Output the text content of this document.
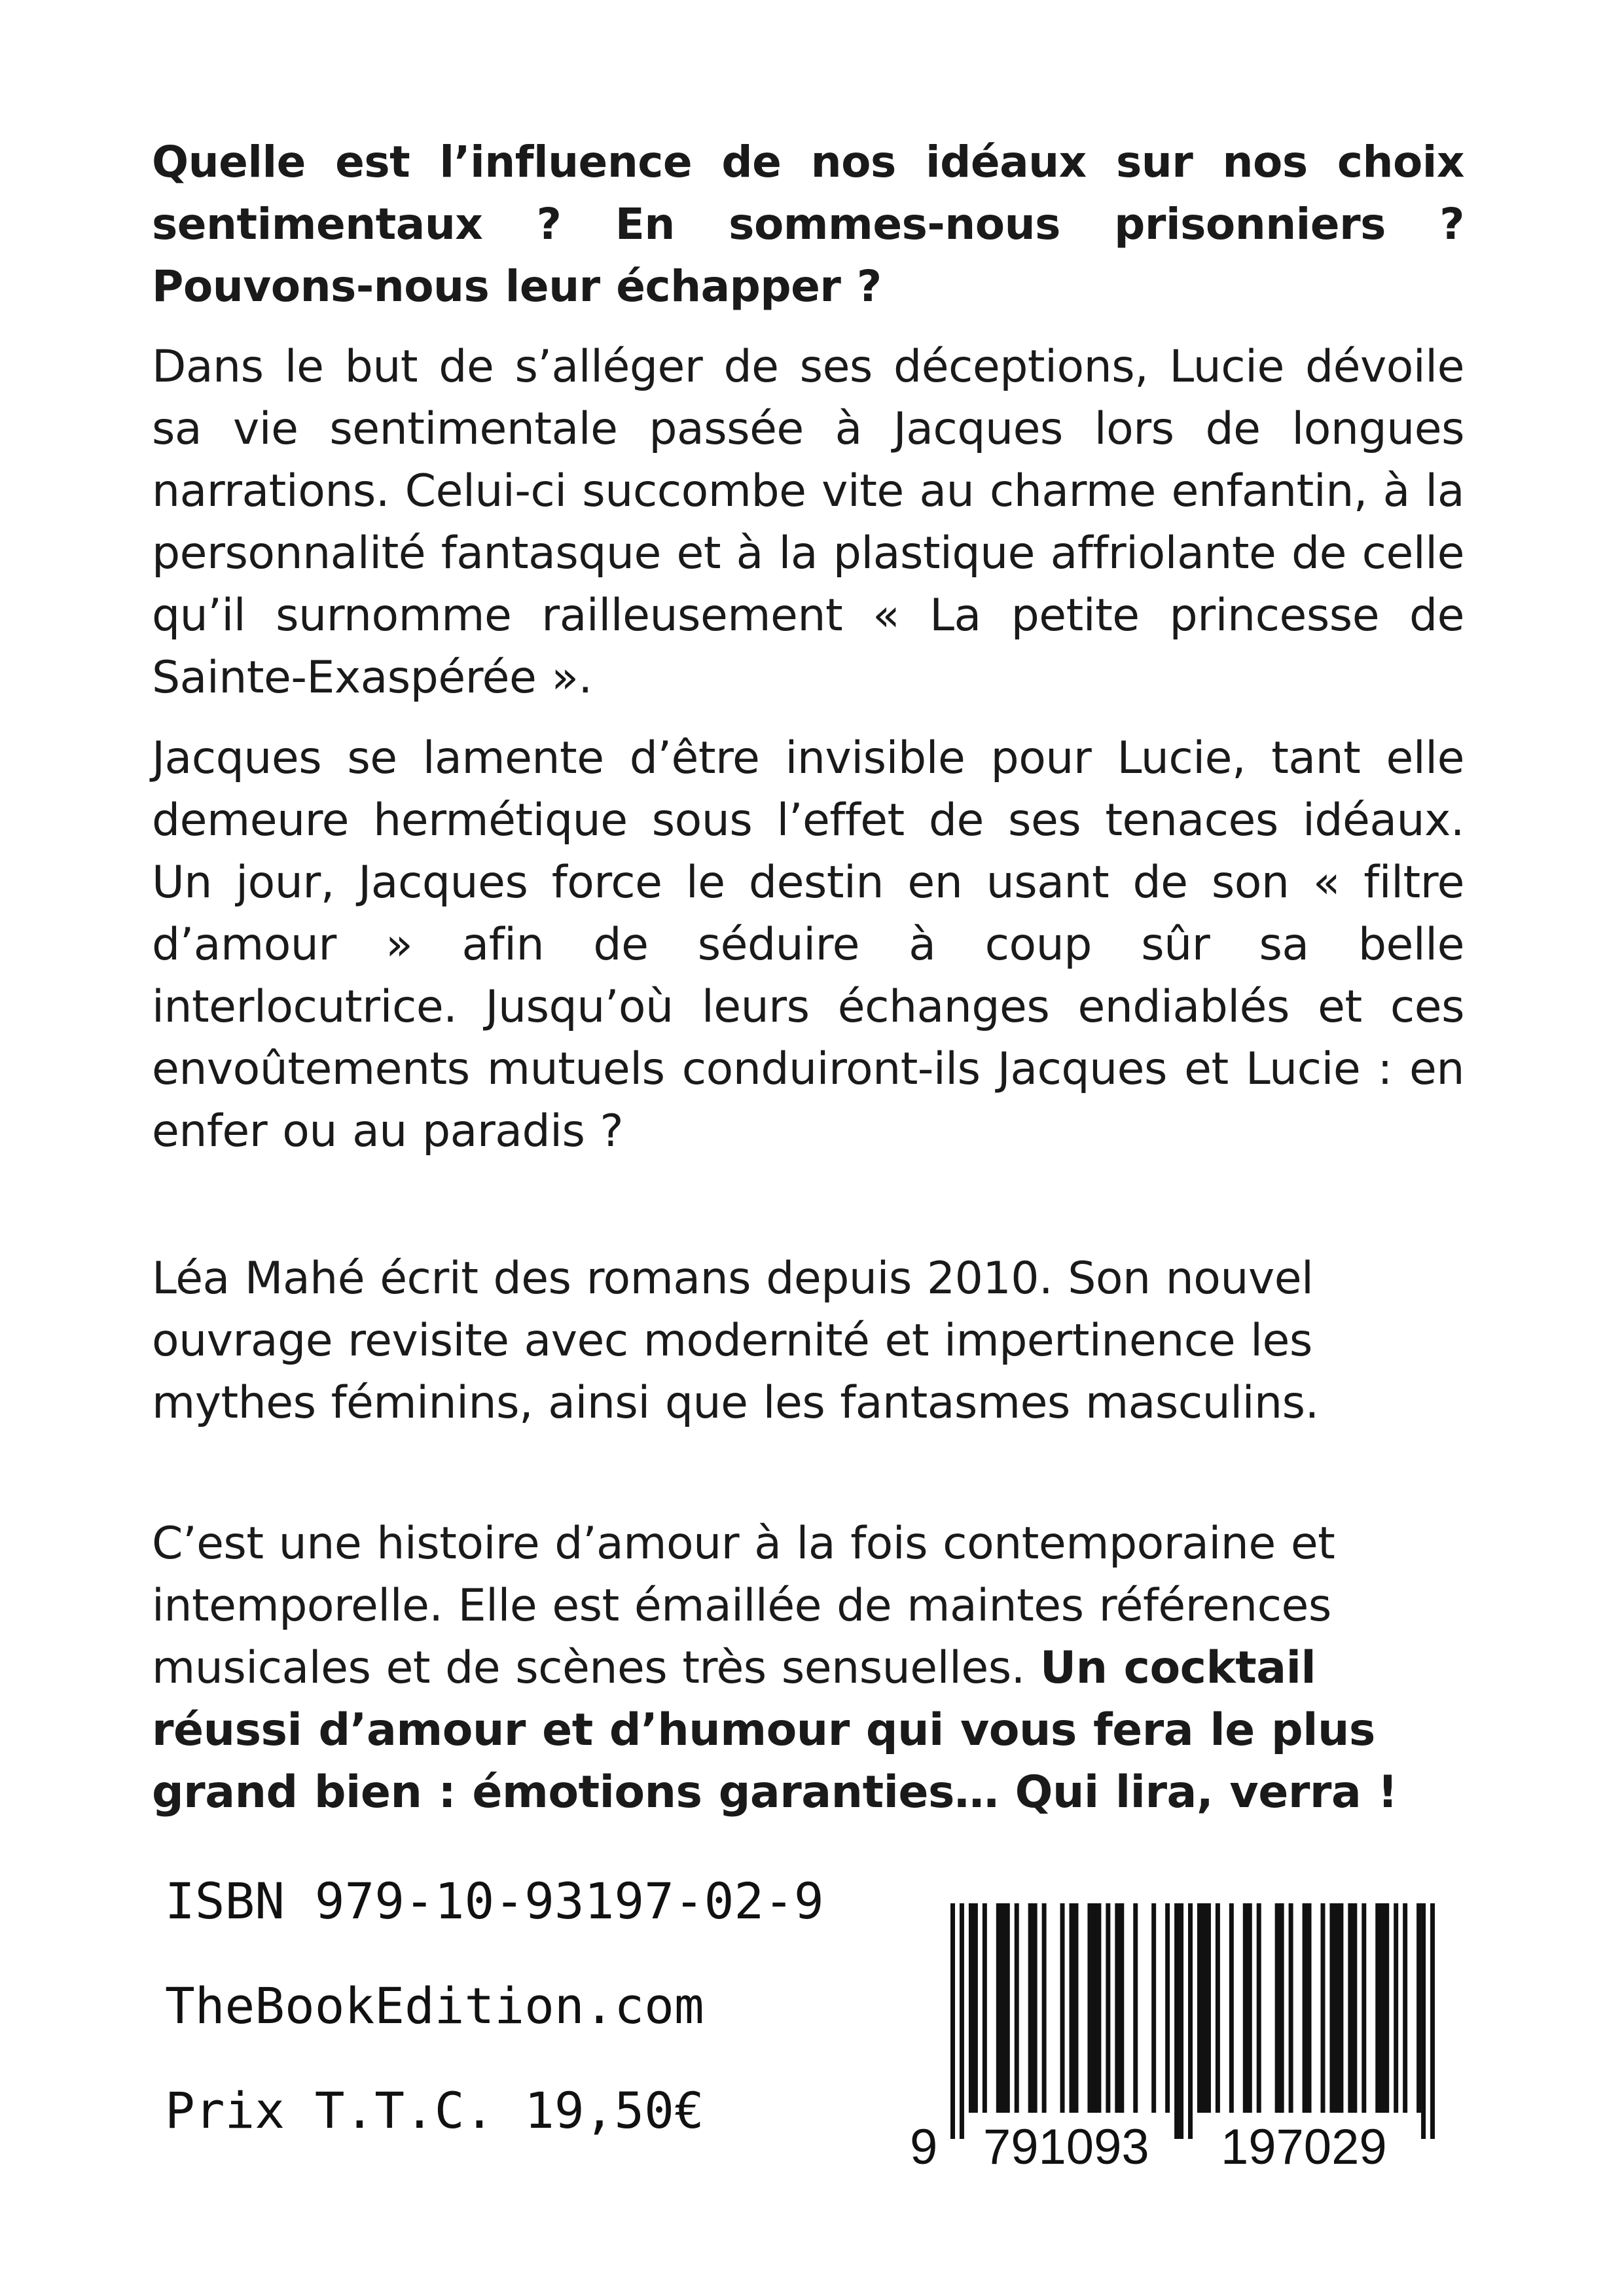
Quelle est l’influence de nos idéaux sur nos choix sentimentaux ? En sommes-nous prisonniers ? Pouvons-nous leur échapper ?

Dans le but de s’alléger de ses déceptions, Lucie dévoile sa vie sentimentale passée à Jacques lors de longues narrations. Celui-ci succombe vite au charme enfantin, à la personnalité fantasque et à la plastique affriolante de celle qu’il surnomme railleusement « La petite princesse de Sainte-Exaspérée ».

Jacques se lamente d’être invisible pour Lucie, tant elle demeure hermétique sous l’effet de ses tenaces idéaux. Un jour, Jacques force le destin en usant de son « filtre d’amour » afin de séduire à coup sûr sa belle interlocutrice. Jusqu’où leurs échanges endiablés et ces envoûtements mutuels conduiront-ils Jacques et Lucie : en enfer ou au paradis ?

Léa Mahé écrit des romans depuis 2010. Son nouvel ouvrage revisite avec modernité et impertinence les mythes féminins, ainsi que les fantasmes masculins.

C’est une histoire d’amour à la fois contemporaine et intemporelle. Elle est émaillée de maintes références musicales et de scènes très sensuelles. Un cocktail réussi d’amour et d’humour qui vous fera le plus grand bien : émotions garanties… Qui lira, verra !

ISBN 979-10-93197-02-9
TheBookEdition.com
Prix T.T.C. 19,50€
9 791093 197029
